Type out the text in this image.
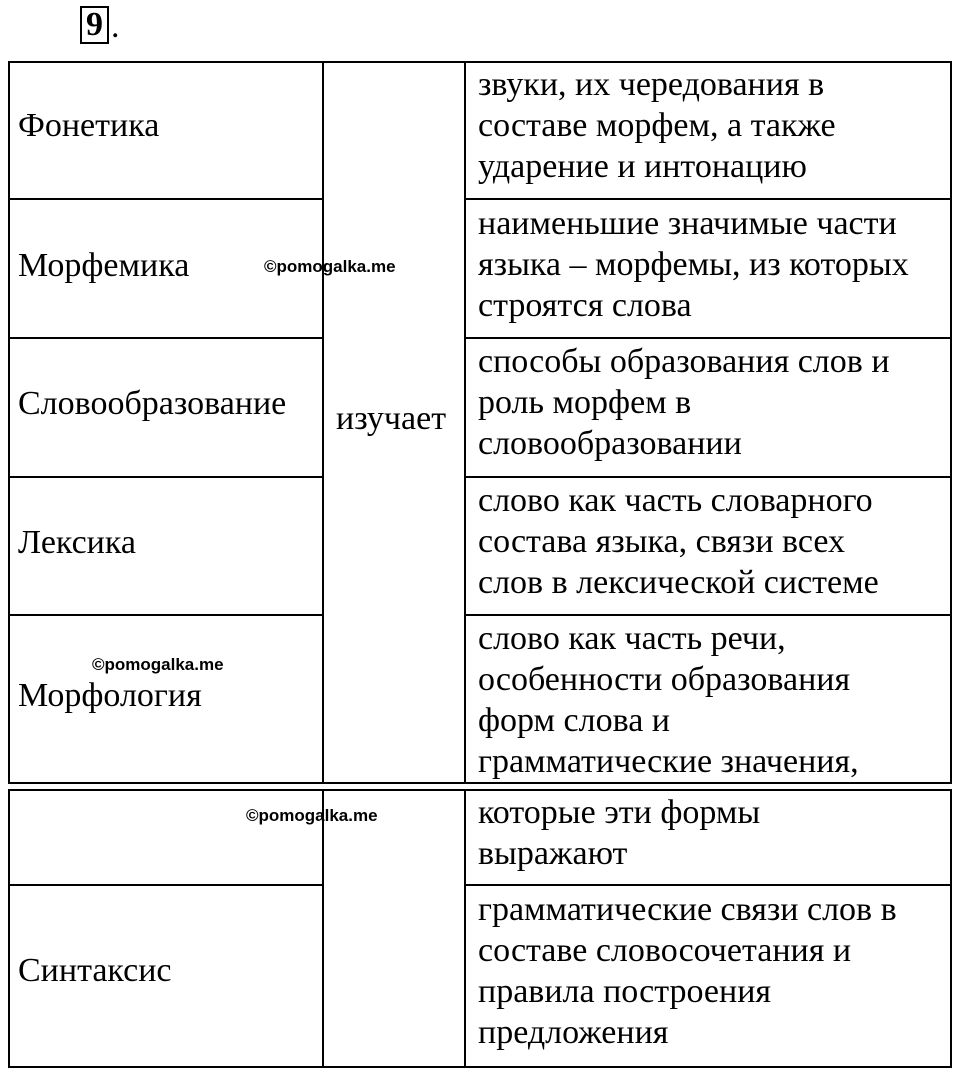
9 .
Фонетика
Морфемика
Словообразование
Лексика
Морфология
изучает
звуки, их чередования в
составе морфем, а также
ударение и интонацию
наименьшие значимые части
языка – морфемы, из которых
строятся слова
способы образования слов и
роль морфем в
словообразовании
слово как часть словарного
состава языка, связи всех
слов в лексической системе
слово как часть речи,
особенности образования
форм слова и
грамматические значения,
Синтаксис
которые эти формы
выражают
грамматические связи слов в
составе словосочетания и
правила построения
предложения
©pomogalka.me
©pomogalka.me
©pomogalka.me
